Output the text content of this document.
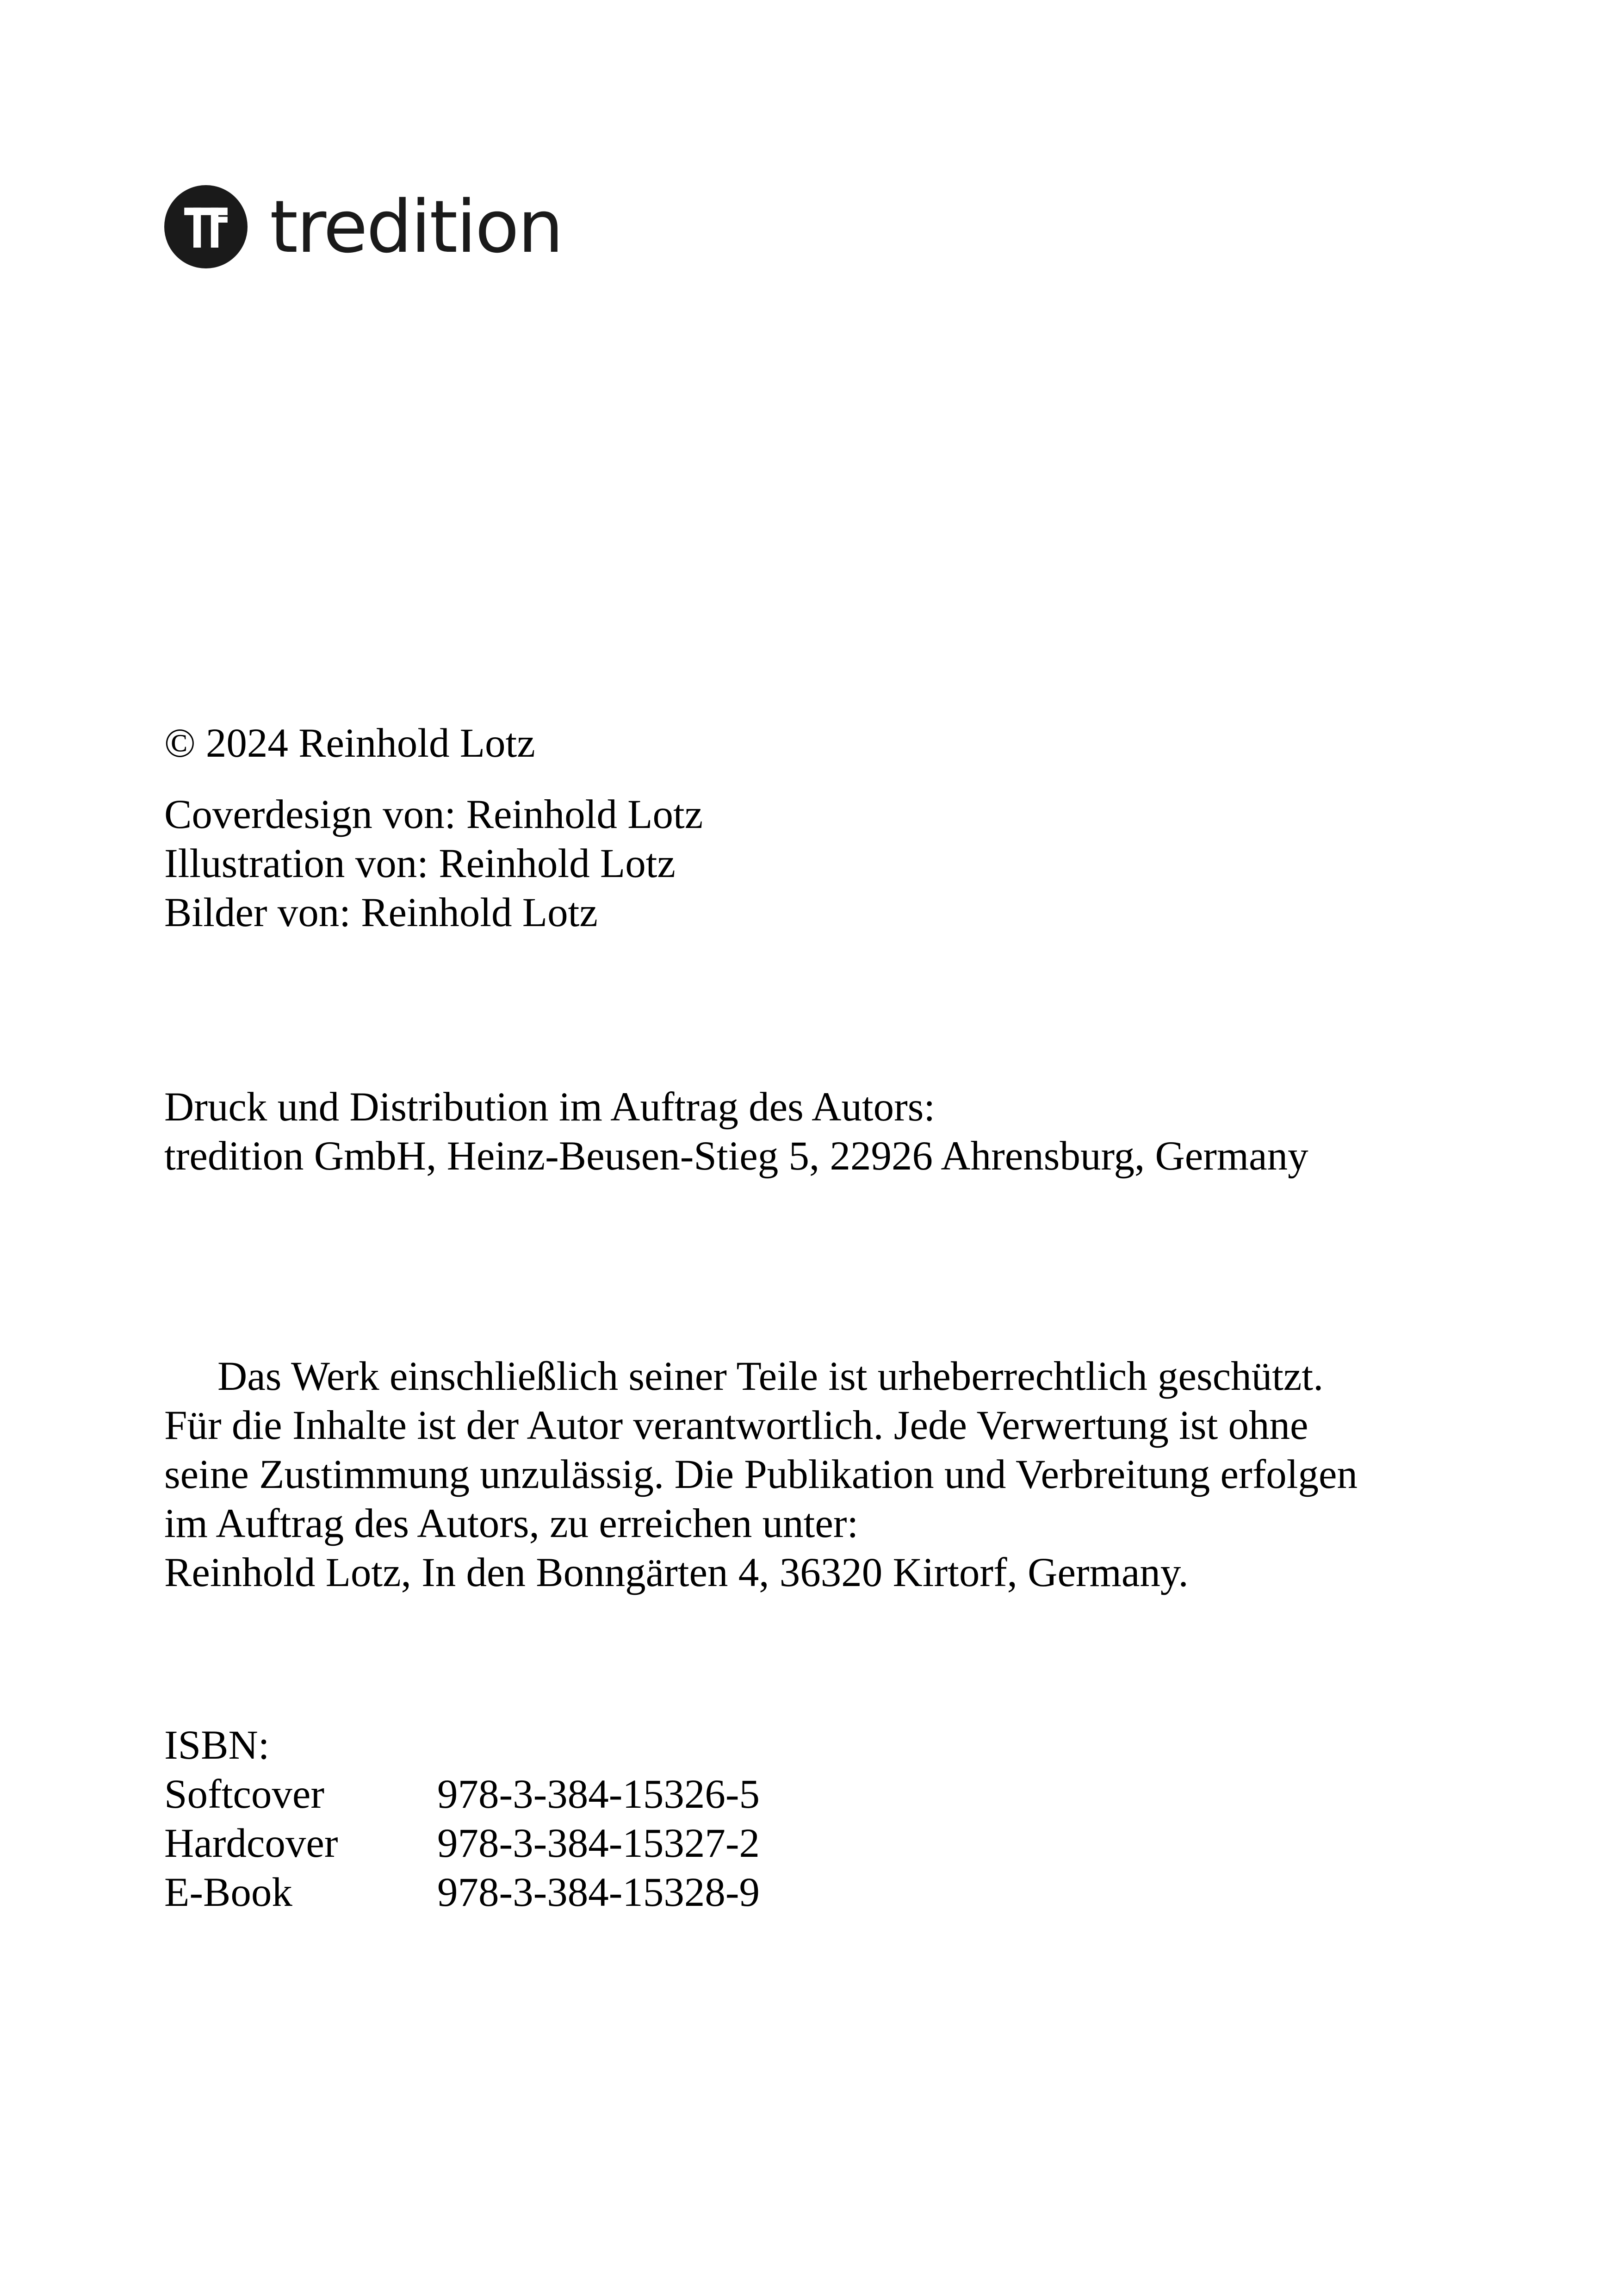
tredition
© 2024 Reinhold Lotz
Coverdesign von: Reinhold Lotz
Illustration von: Reinhold Lotz
Bilder von: Reinhold Lotz
Druck und Distribution im Auftrag des Autors:
tredition GmbH, Heinz-Beusen-Stieg 5, 22926 Ahrensburg, Germany
Das Werk einschließlich seiner Teile ist urheberrechtlich geschützt.
Für die Inhalte ist der Autor verantwortlich. Jede Verwertung ist ohne
seine Zustimmung unzulässig. Die Publikation und Verbreitung erfolgen
im Auftrag des Autors, zu erreichen unter:
Reinhold Lotz, In den Bonngärten 4, 36320 Kirtorf, Germany.
ISBN:
Softcover	978-3-384-15326-5
Hardcover 978-3-384-15327-2
E-Book	978-3-384-15328-9
